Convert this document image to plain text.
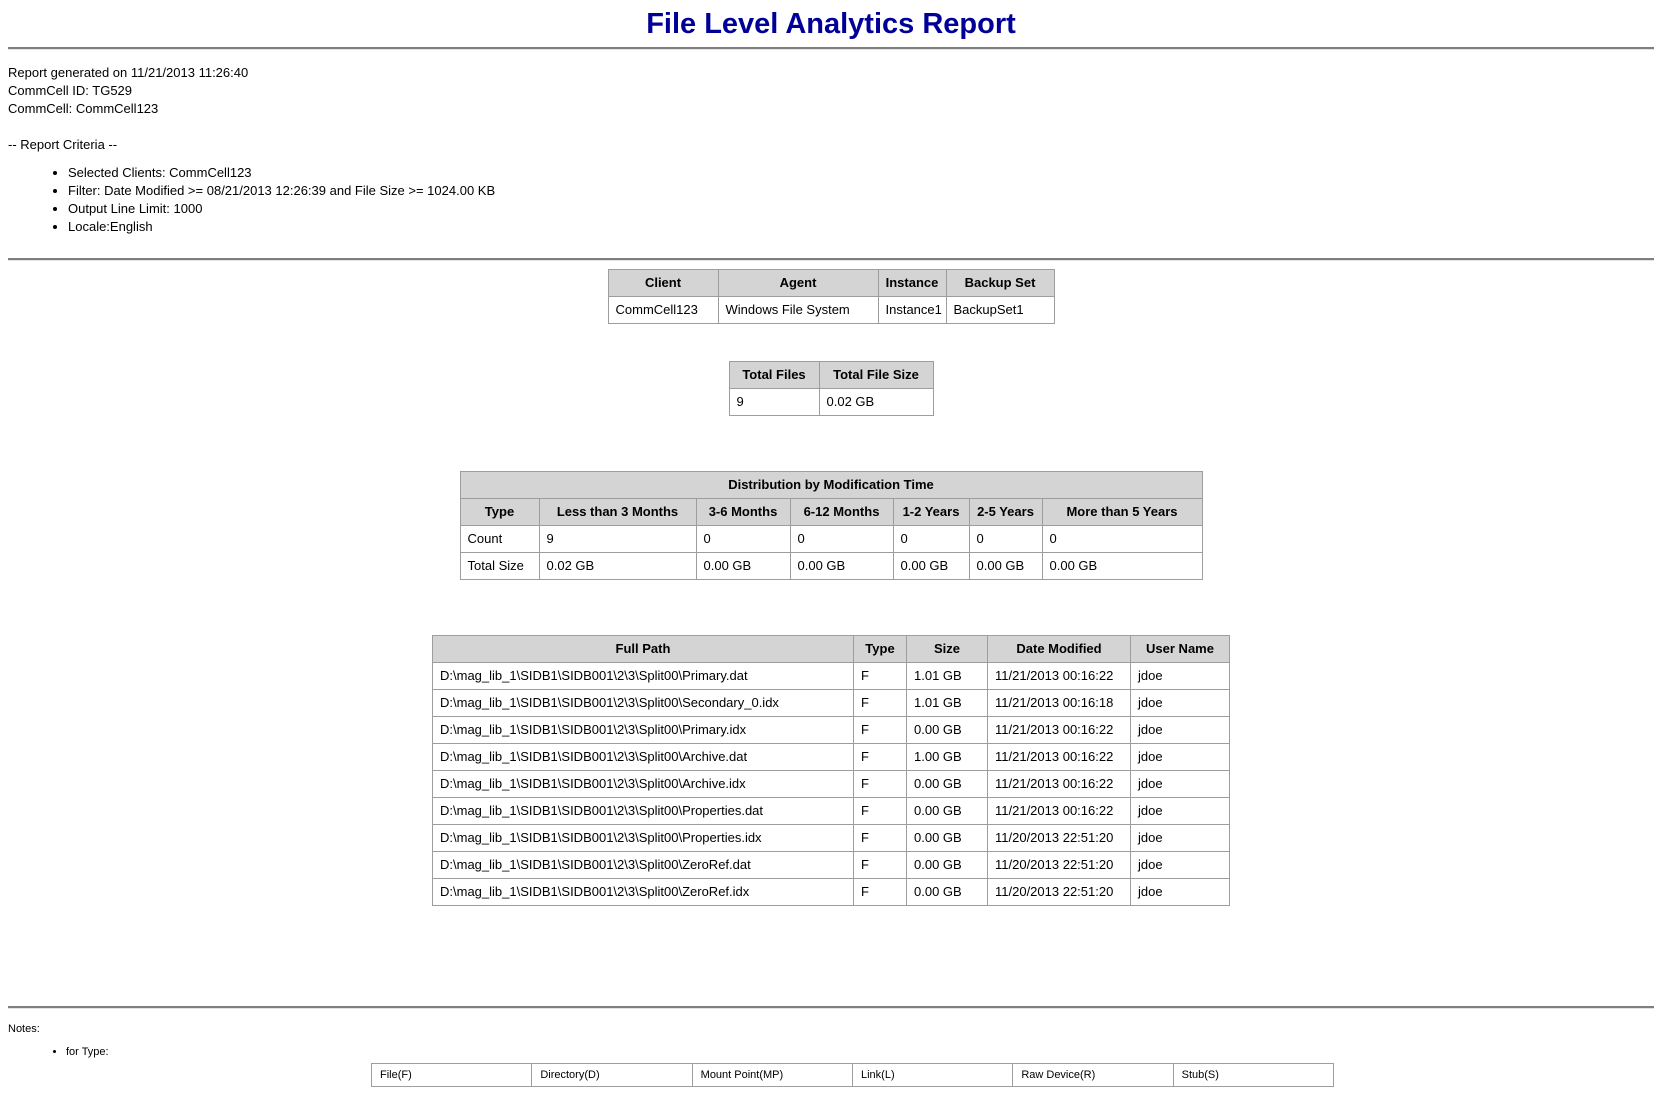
File Level Analytics Report
Report generated on 11/21/2013 11:26:40
CommCell ID: TG529
CommCell: CommCell123
-- Report Criteria --
• Selected Clients: CommCell123
• Filter: Date Modified >= 08/21/2013 12:26:39 and File Size >= 1024.00 KB
• Output Line Limit: 1000
• Locale:English
Client	Agent	Instance	Backup Set
CommCell123	Windows File System	Instance1	BackupSet1
Total Files	Total File Size
9	0.02 GB
Distribution by Modification Time						
Type	Less than 3 Months	3-6 Months	6-12 Months	1-2 Years	2-5 Years	More than 5 Years
Count	9	0	0	0	0	0
Total Size	0.02 GB	0.00 GB	0.00 GB	0.00 GB	0.00 GB	0.00 GB
Full Path	Type	Size	Date Modified	User Name
D:\mag_lib_1\SIDB1\SIDB001\2\3\Split00\Primary.dat	F	1.01 GB	11/21/2013 00:16:22	jdoe
D:\mag_lib_1\SIDB1\SIDB001\2\3\Split00\Secondary_0.idx	F	1.01 GB	11/21/2013 00:16:18	jdoe
D:\mag_lib_1\SIDB1\SIDB001\2\3\Split00\Primary.idx	F	0.00 GB	11/21/2013 00:16:22	jdoe
D:\mag_lib_1\SIDB1\SIDB001\2\3\Split00\Archive.dat	F	1.00 GB	11/21/2013 00:16:22	jdoe
D:\mag_lib_1\SIDB1\SIDB001\2\3\Split00\Archive.idx	F	0.00 GB	11/21/2013 00:16:22	jdoe
D:\mag_lib_1\SIDB1\SIDB001\2\3\Split00\Properties.dat	F	0.00 GB	11/21/2013 00:16:22	jdoe
D:\mag_lib_1\SIDB1\SIDB001\2\3\Split00\Properties.idx	F	0.00 GB	11/20/2013 22:51:20	jdoe
D:\mag_lib_1\SIDB1\SIDB001\2\3\Split00\ZeroRef.dat	F	0.00 GB	11/20/2013 22:51:20	jdoe
D:\mag_lib_1\SIDB1\SIDB001\2\3\Split00\ZeroRef.idx	F	0.00 GB	11/20/2013 22:51:20	jdoe
Notes:
• for Type:
File(F)	Directory(D)	Mount Point(MP)	Link(L)	Raw Device(R)	Stub(S)
